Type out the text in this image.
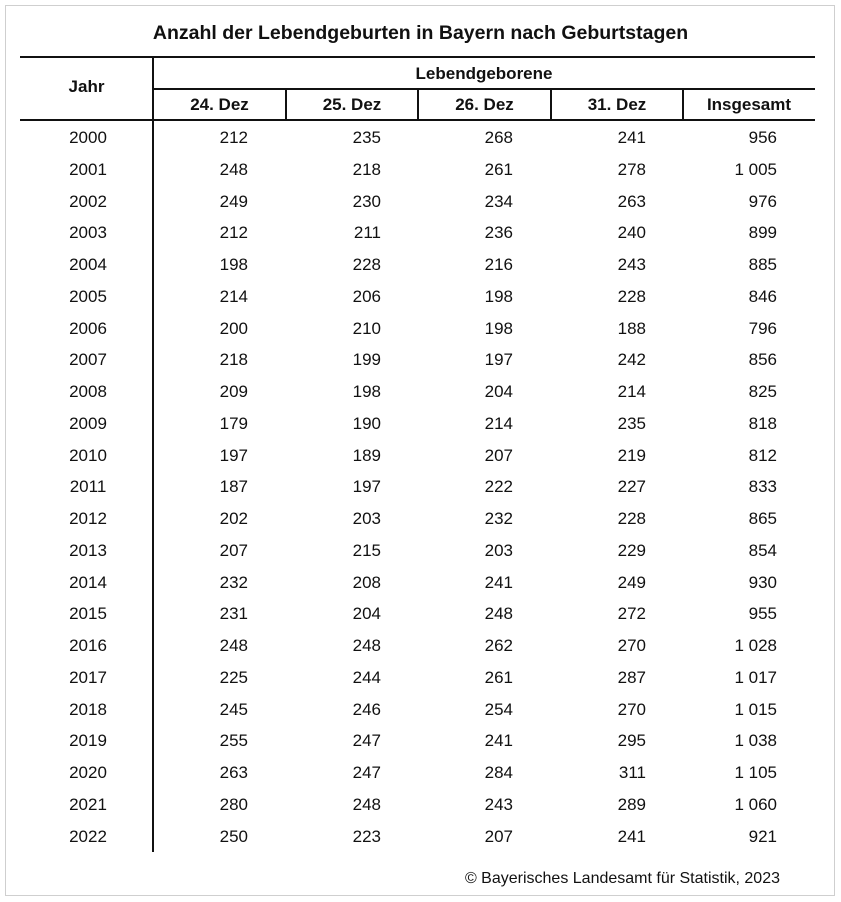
Anzahl der Lebendgeburten in Bayern nach Geburtstagen
Jahr
Lebendgeborene
24. Dez	25. Dez	26. Dez	31. Dez	Insgesamt
2000	212	235	268	241	956
2001	248	218	261	278	1 005
2002	249	230	234	263	976
2003	212	211	236	240	899
2004	198	228	216	243	885
2005	214	206	198	228	846
2006	200	210	198	188	796
2007	218	199	197	242	856
2008	209	198	204	214	825
2009	179	190	214	235	818
2010	197	189	207	219	812
2011	187	197	222	227	833
2012	202	203	232	228	865
2013	207	215	203	229	854
2014	232	208	241	249	930
2015	231	204	248	272	955
2016	248	248	262	270	1 028
2017	225	244	261	287	1 017
2018	245	246	254	270	1 015
2019	255	247	241	295	1 038
2020	263	247	284	311	1 105
2021	280	248	243	289	1 060
2022	250	223	207	241	921
© Bayerisches Landesamt für Statistik, 2023
